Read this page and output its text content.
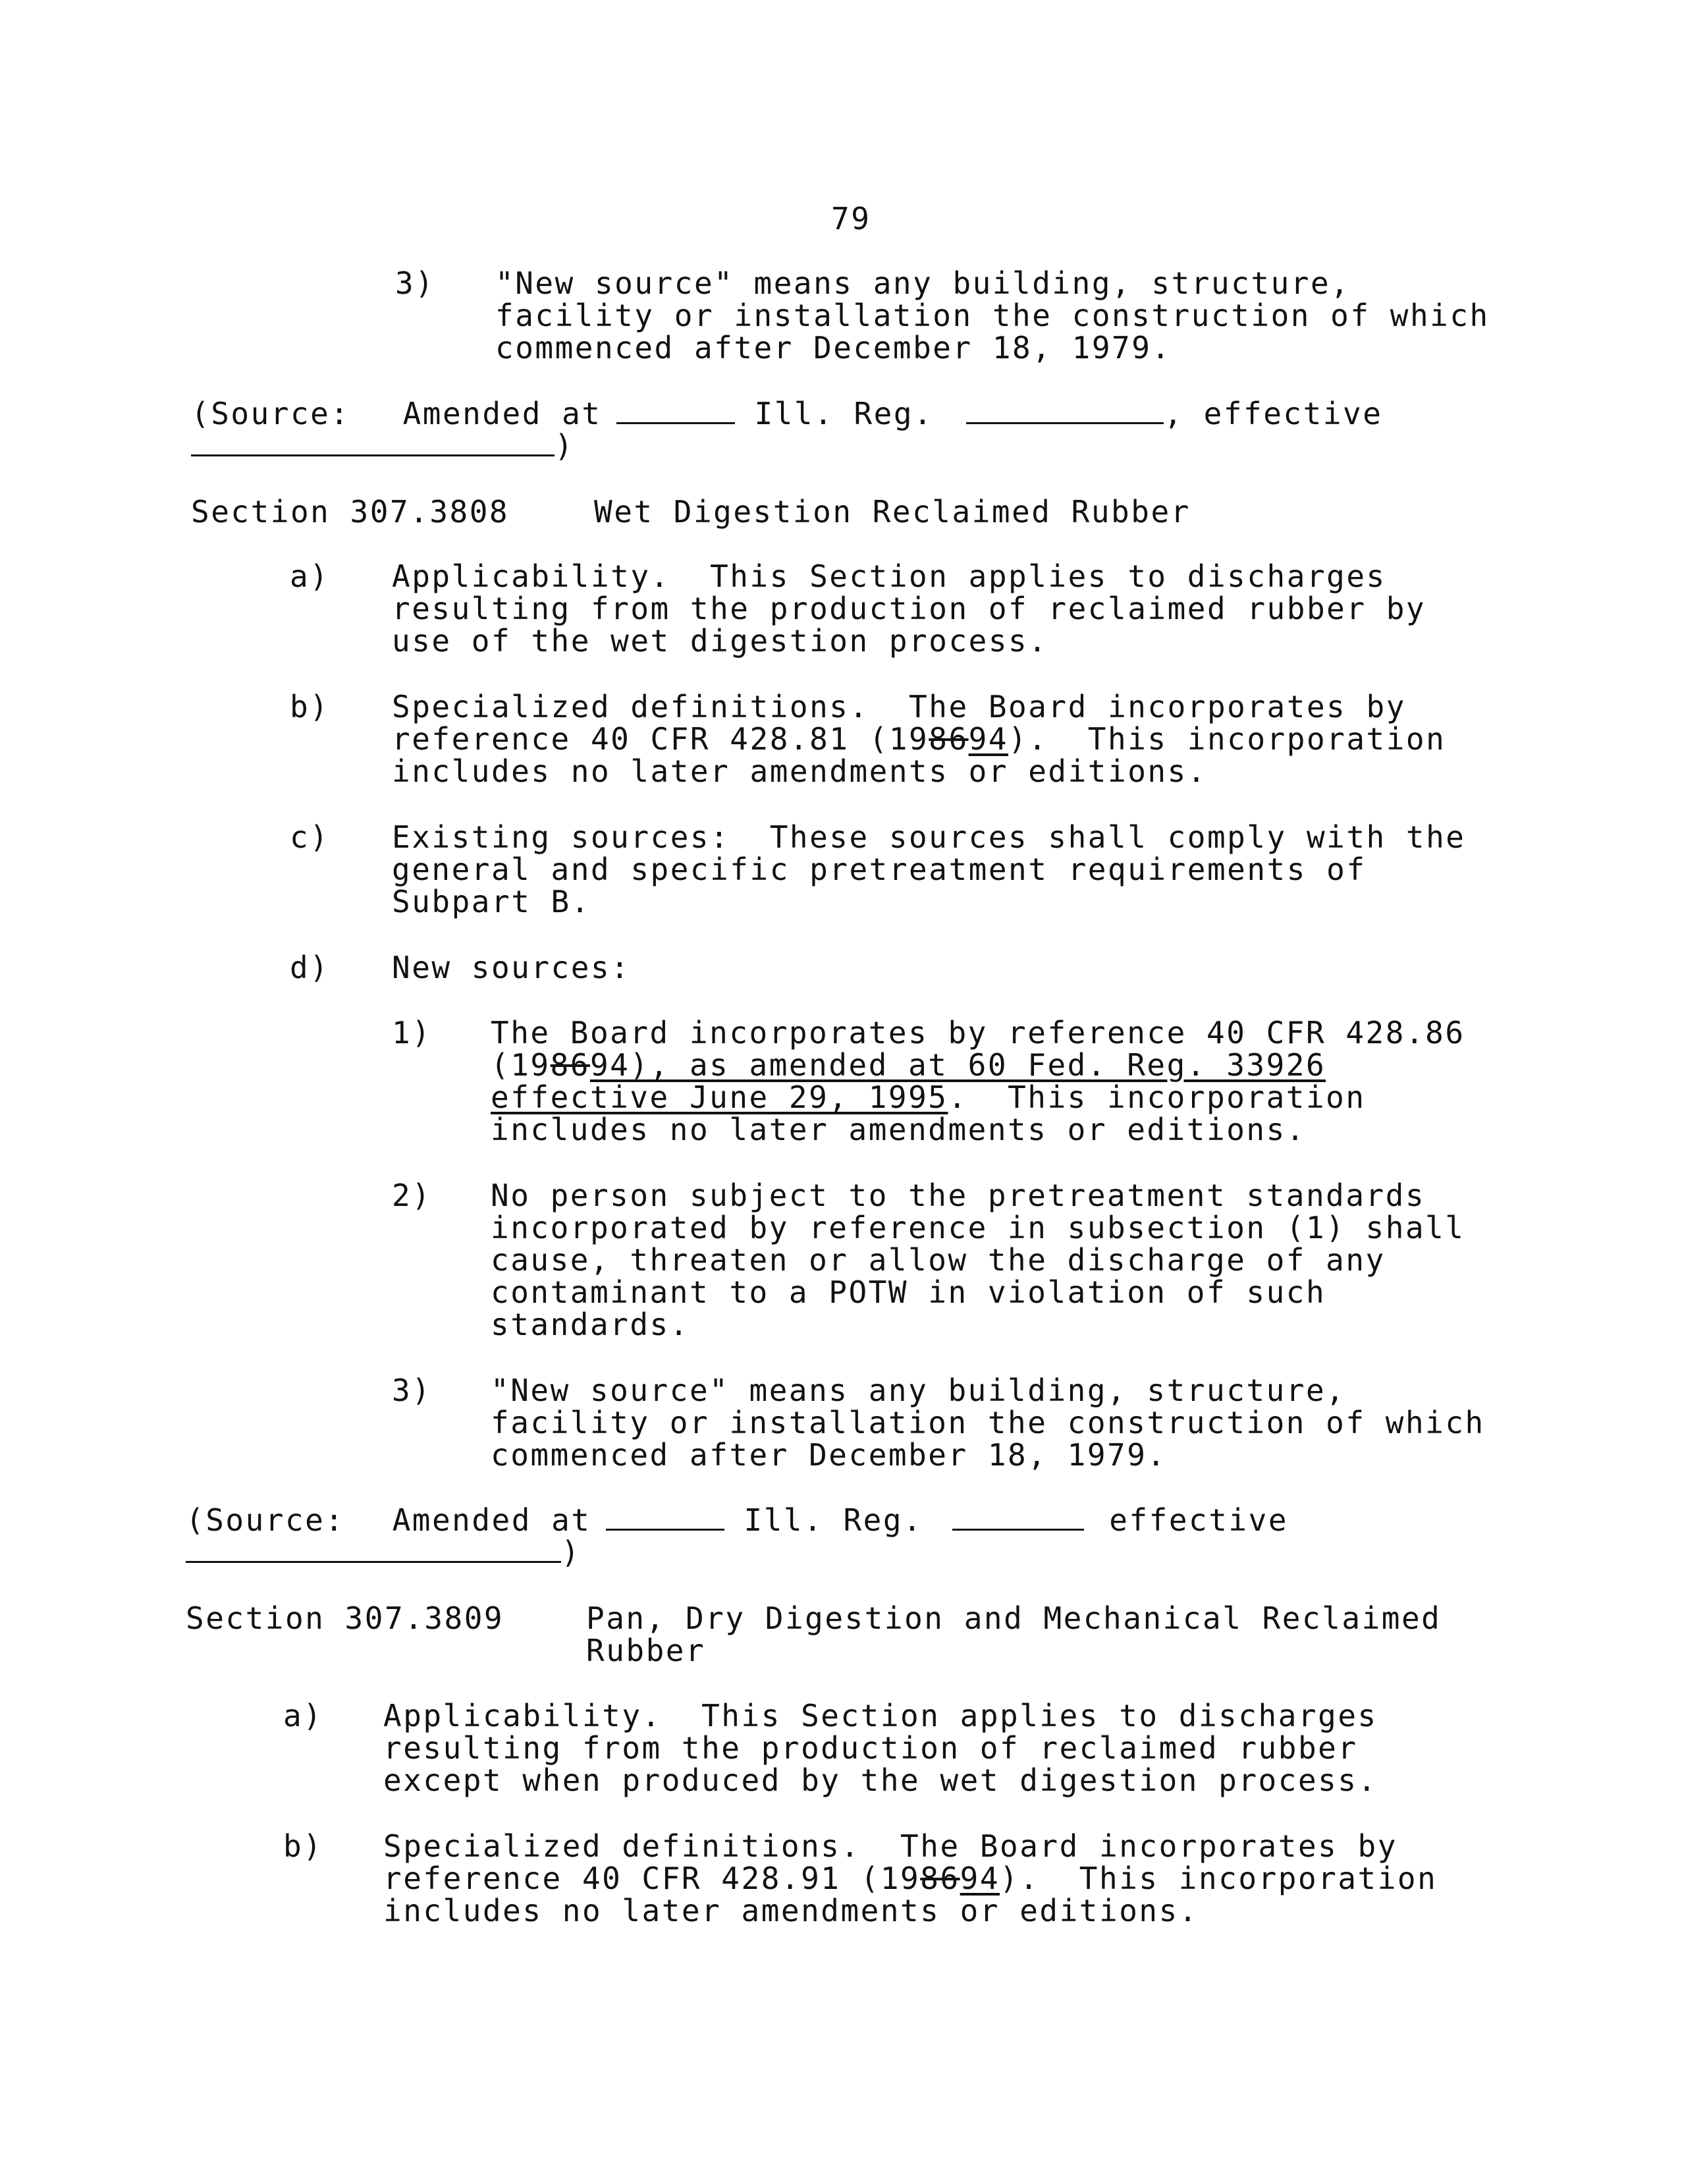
79
3) "New source" means any building, structure,
facility or installation the construction of which
commenced after December 18, 1979.
(Source: Amended at	Ill. Reg.	, effective
)
Section 307.3808	Wet Digestion Reclaimed Rubber
a) Applicability.  This Section applies to discharges
resulting from the production of reclaimed rubber by
use of the wet digestion process.
b) Specialized definitions.  The Board incorporates by
reference 40 CFR 428.81 (198694).  This incorporation
includes no later amendments or editions.
c) Existing sources:  These sources shall comply with the
general and specific pretreatment requirements of
Subpart B.
d) New sources:
1) The Board incorporates by reference 40 CFR 428.86
(198694), as amended at 60 Fed. Reg. 33926
effective June 29, 1995.  This incorporation
includes no later amendments or editions.
2) No person subject to the pretreatment standards
incorporated by reference in subsection (1) shall
cause, threaten or allow the discharge of any
contaminant to a POTW in violation of such
standards.
3) "New source" means any building, structure,
facility or installation the construction of which
commenced after December 18, 1979.
(Source: Amended at	Ill. Reg.	effective
)
Section 307.3809	Pan, Dry Digestion and Mechanical Reclaimed
Rubber
a) Applicability.  This Section applies to discharges
resulting from the production of reclaimed rubber
except when produced by the wet digestion process.
b) Specialized definitions.  The Board incorporates by
reference 40 CFR 428.91 (198694).  This incorporation
includes no later amendments or editions.
